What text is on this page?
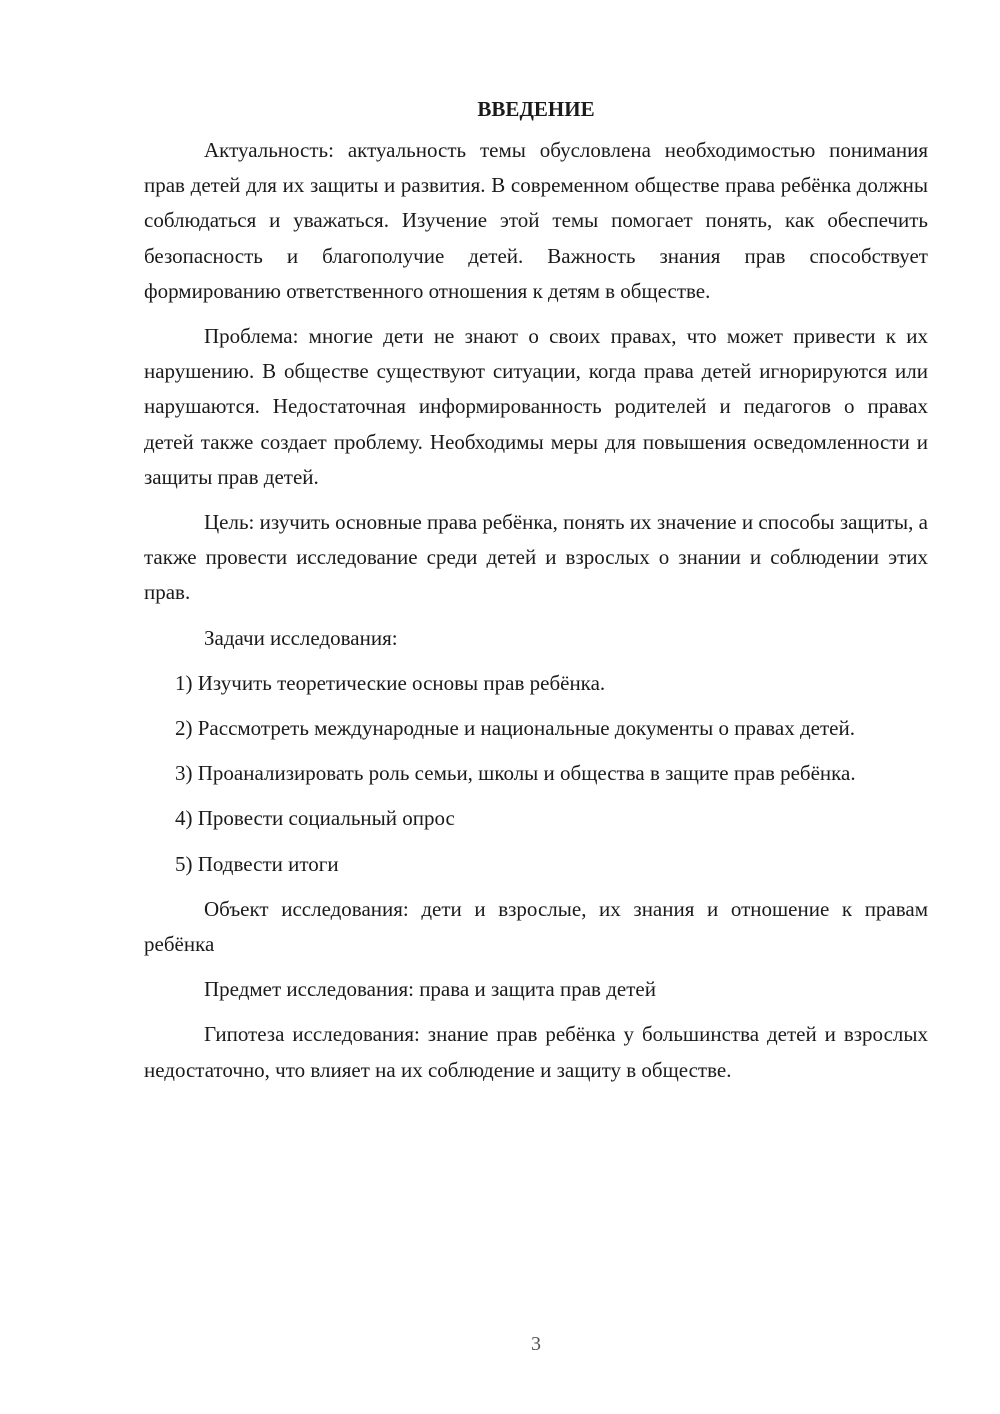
ВВЕДЕНИЕ

Актуальность: актуальность темы обусловлена необходимостью понимания прав детей для их защиты и развития. В современном обществе права ребёнка должны соблюдаться и уважаться. Изучение этой темы помогает понять, как обеспечить безопасность и благополучие детей. Важность знания прав способствует формированию ответственного отношения к детям в обществе.

Проблема: многие дети не знают о своих правах, что может привести к их нарушению. В обществе существуют ситуации, когда права детей игнорируются или нарушаются. Недостаточная информированность родителей и педагогов о правах детей также создает проблему. Необходимы меры для повышения осведомленности и защиты прав детей.

Цель: изучить основные права ребёнка, понять их значение и способы защиты, а также провести исследование среди детей и взрослых о знании и соблюдении этих прав.

Задачи исследования:

1) Изучить теоретические основы прав ребёнка.

2) Рассмотреть международные и национальные документы о правах детей.

3) Проанализировать роль семьи, школы и общества в защите прав ребёнка.

4) Провести социальный опрос

5) Подвести итоги

Объект исследования: дети и взрослые, их знания и отношение к правам ребёнка

Предмет исследования: права и защита прав детей

Гипотеза исследования: знание прав ребёнка у большинства детей и взрослых недостаточно, что влияет на их соблюдение и защиту в обществе.

3
